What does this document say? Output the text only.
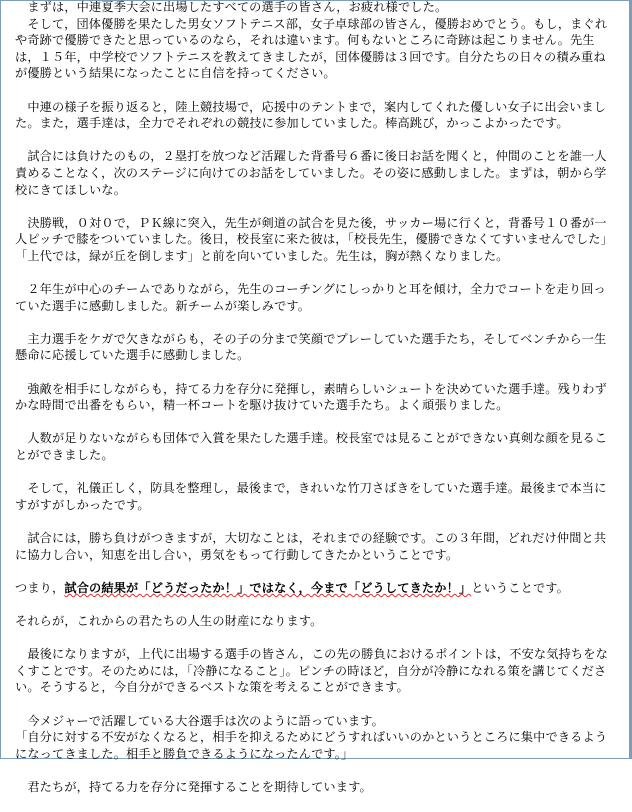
　まずは，中連夏季大会に出場したすべての選手の皆さん，お疲れ様でした。
　そして，団体優勝を果たした男女ソフトテニス部，女子卓球部の皆さん，優勝おめでとう。もし，まぐれや奇跡で優勝できたと思っているのなら，それは違います。何もないところに奇跡は起こりません。先生は，１５年，中学校でソフトテニスを教えてきましたが，団体優勝は３回です。自分たちの日々の積み重ねが優勝という結果になったことに自信を持ってください。

　中連の様子を振り返ると，陸上競技場で，応援中のテントまで，案内してくれた優しい女子に出会いました。また，選手達は，全力でそれぞれの競技に参加していました。棒高跳び，かっこよかったです。

　試合には負けたのもの，２塁打を放つなど活躍した背番号６番に後日お話を聞くと，仲間のことを誰一人責めることなく，次のステージに向けてのお話をしていました。その姿に感動しました。まずは，朝から学校にきてほしいな。

　決勝戦，０対０で，ＰＫ線に突入，先生が剣道の試合を見た後，サッカー場に行くと，背番号１０番が一人ピッチで膝をついていました。後日，校長室に来た彼は，「校長先生，優勝できなくてすいませんでした」「上代では，緑が丘を倒します」と前を向いていました。先生は，胸が熱くなりました。

　２年生が中心のチームでありながら，先生のコーチングにしっかりと耳を傾け，全力でコートを走り回っていた選手に感動しました。新チームが楽しみです。

　主力選手をケガで欠きながらも，その子の分まで笑顔でプレーしていた選手たち，そしてベンチから一生懸命に応援していた選手に感動しました。

　強敵を相手にしながらも，持てる力を存分に発揮し，素晴らしいシュートを決めていた選手達。残りわずかな時間で出番をもらい，精一杯コートを駆け抜けていた選手たち。よく頑張りました。

　人数が足りないながらも団体で入賞を果たした選手達。校長室では見ることができない真剣な顔を見ることができました。

　そして，礼儀正しく，防具を整理し，最後まで，きれいな竹刀さばきをしていた選手達。最後まで本当にすがすがしかったです。

　試合には，勝ち負けがつきますが，大切なことは，それまでの経験です。この３年間，どれだけ仲間と共に協力し合い，知恵を出し合い，勇気をもって行動してきたかということです。

つまり，試合の結果が「どうだったか！」ではなく，今まで「どうしてきたか！」ということです。

それらが，これからの君たちの人生の財産になります。

　最後になりますが，上代に出場する選手の皆さん，この先の勝負におけるポイントは，不安な気持ちをなくすことです。そのためには，「冷静になること」。ピンチの時ほど，自分が冷静になれる策を講じてください。そうすると，今自分ができるベストな策を考えることができます。

　今メジャーで活躍している大谷選手は次のように語っています。

「自分に対する不安がなくなると，相手を抑えるためにどうすればいいのかというところに集中できるようになってきました。相手と勝負できるようになったんです。」

　君たちが，持てる力を存分に発揮することを期待しています。
